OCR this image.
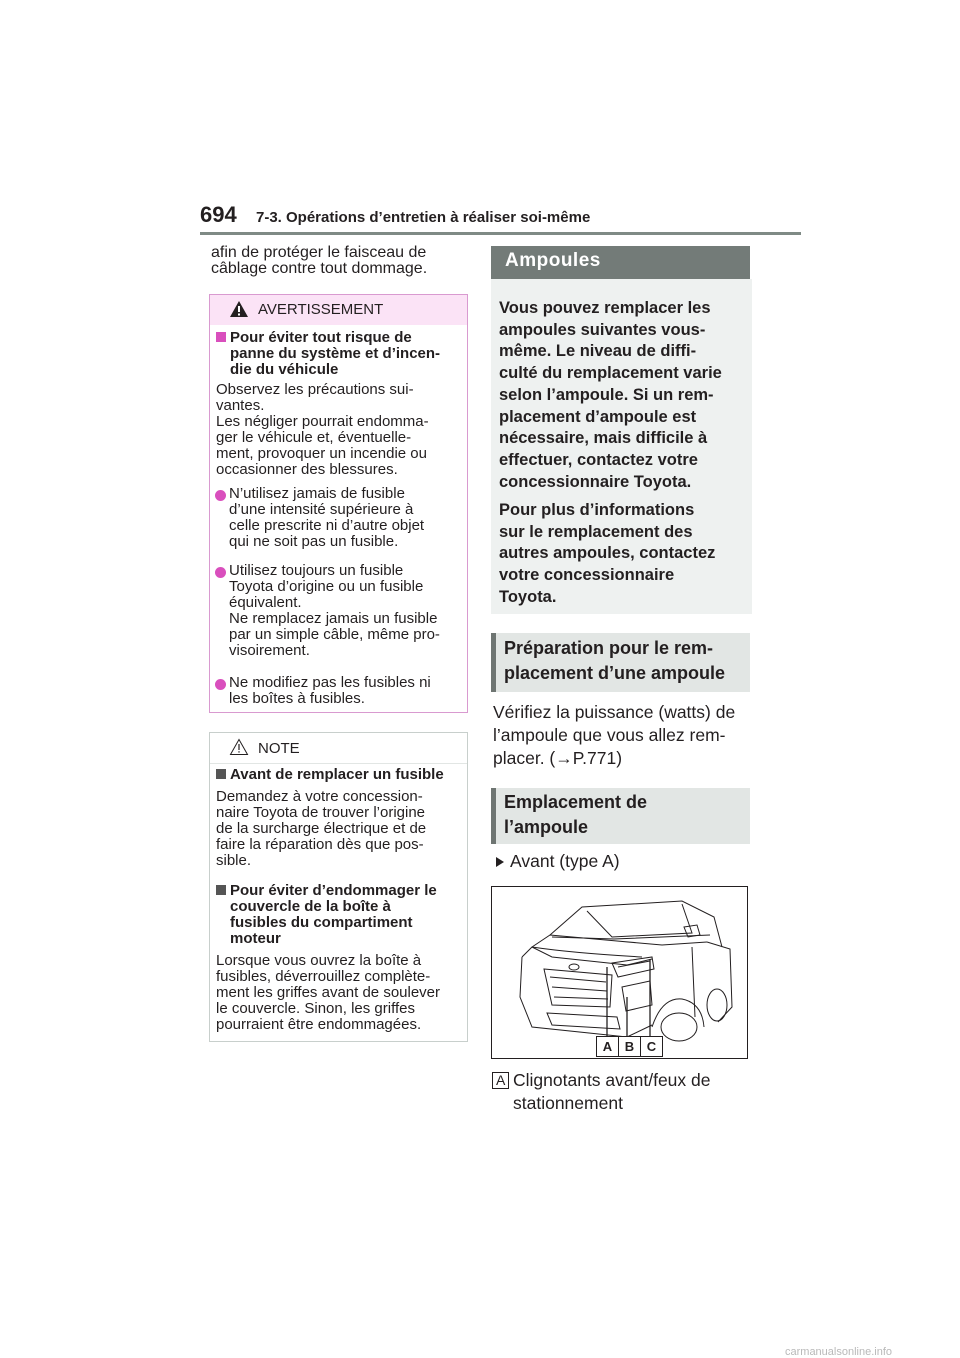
694 7-3. Opérations d’entretien à réaliser soi-même
afin de protéger le faisceau de
câblage contre tout dommage.
AVERTISSEMENT
Pour éviter tout risque de
panne du système et d’incen-
die du véhicule
Observez les précautions sui-
vantes.
Les négliger pourrait endomma-
ger le véhicule et, éventuelle-
ment, provoquer un incendie ou
occasionner des blessures.
N’utilisez jamais de fusible
d’une intensité supérieure à
celle prescrite ni d’autre objet
qui ne soit pas un fusible.
Utilisez toujours un fusible
Toyota d’origine ou un fusible
équivalent.
Ne remplacez jamais un fusible
par un simple câble, même pro-
visoirement.
Ne modifiez pas les fusibles ni
les boîtes à fusibles.
NOTE
Avant de remplacer un fusible
Demandez à votre concession-
naire Toyota de trouver l’origine
de la surcharge électrique et de
faire la réparation dès que pos-
sible.
Pour éviter d’endommager le
couvercle de la boîte à
fusibles du compartiment
moteur
Lorsque vous ouvrez la boîte à
fusibles, déverrouillez complète-
ment les griffes avant de soulever
le couvercle. Sinon, les griffes
pourraient être endommagées.
Ampoules
Vous pouvez remplacer les
ampoules suivantes vous-
même. Le niveau de diffi-
culté du remplacement varie
selon l’ampoule. Si un rem-
placement d’ampoule est
nécessaire, mais difficile à
effectuer, contactez votre
concessionnaire Toyota.
Pour plus d’informations
sur le remplacement des
autres ampoules, contactez
votre concessionnaire
Toyota.
Préparation pour le rem-
placement d’une ampoule
Vérifiez la puissance (watts) de
l’ampoule que vous allez rem-
placer. (→P.771)
Emplacement de
l’ampoule
Avant (type A)
A B C
A Clignotants avant/feux de
stationnement
carmanualsonline.info
